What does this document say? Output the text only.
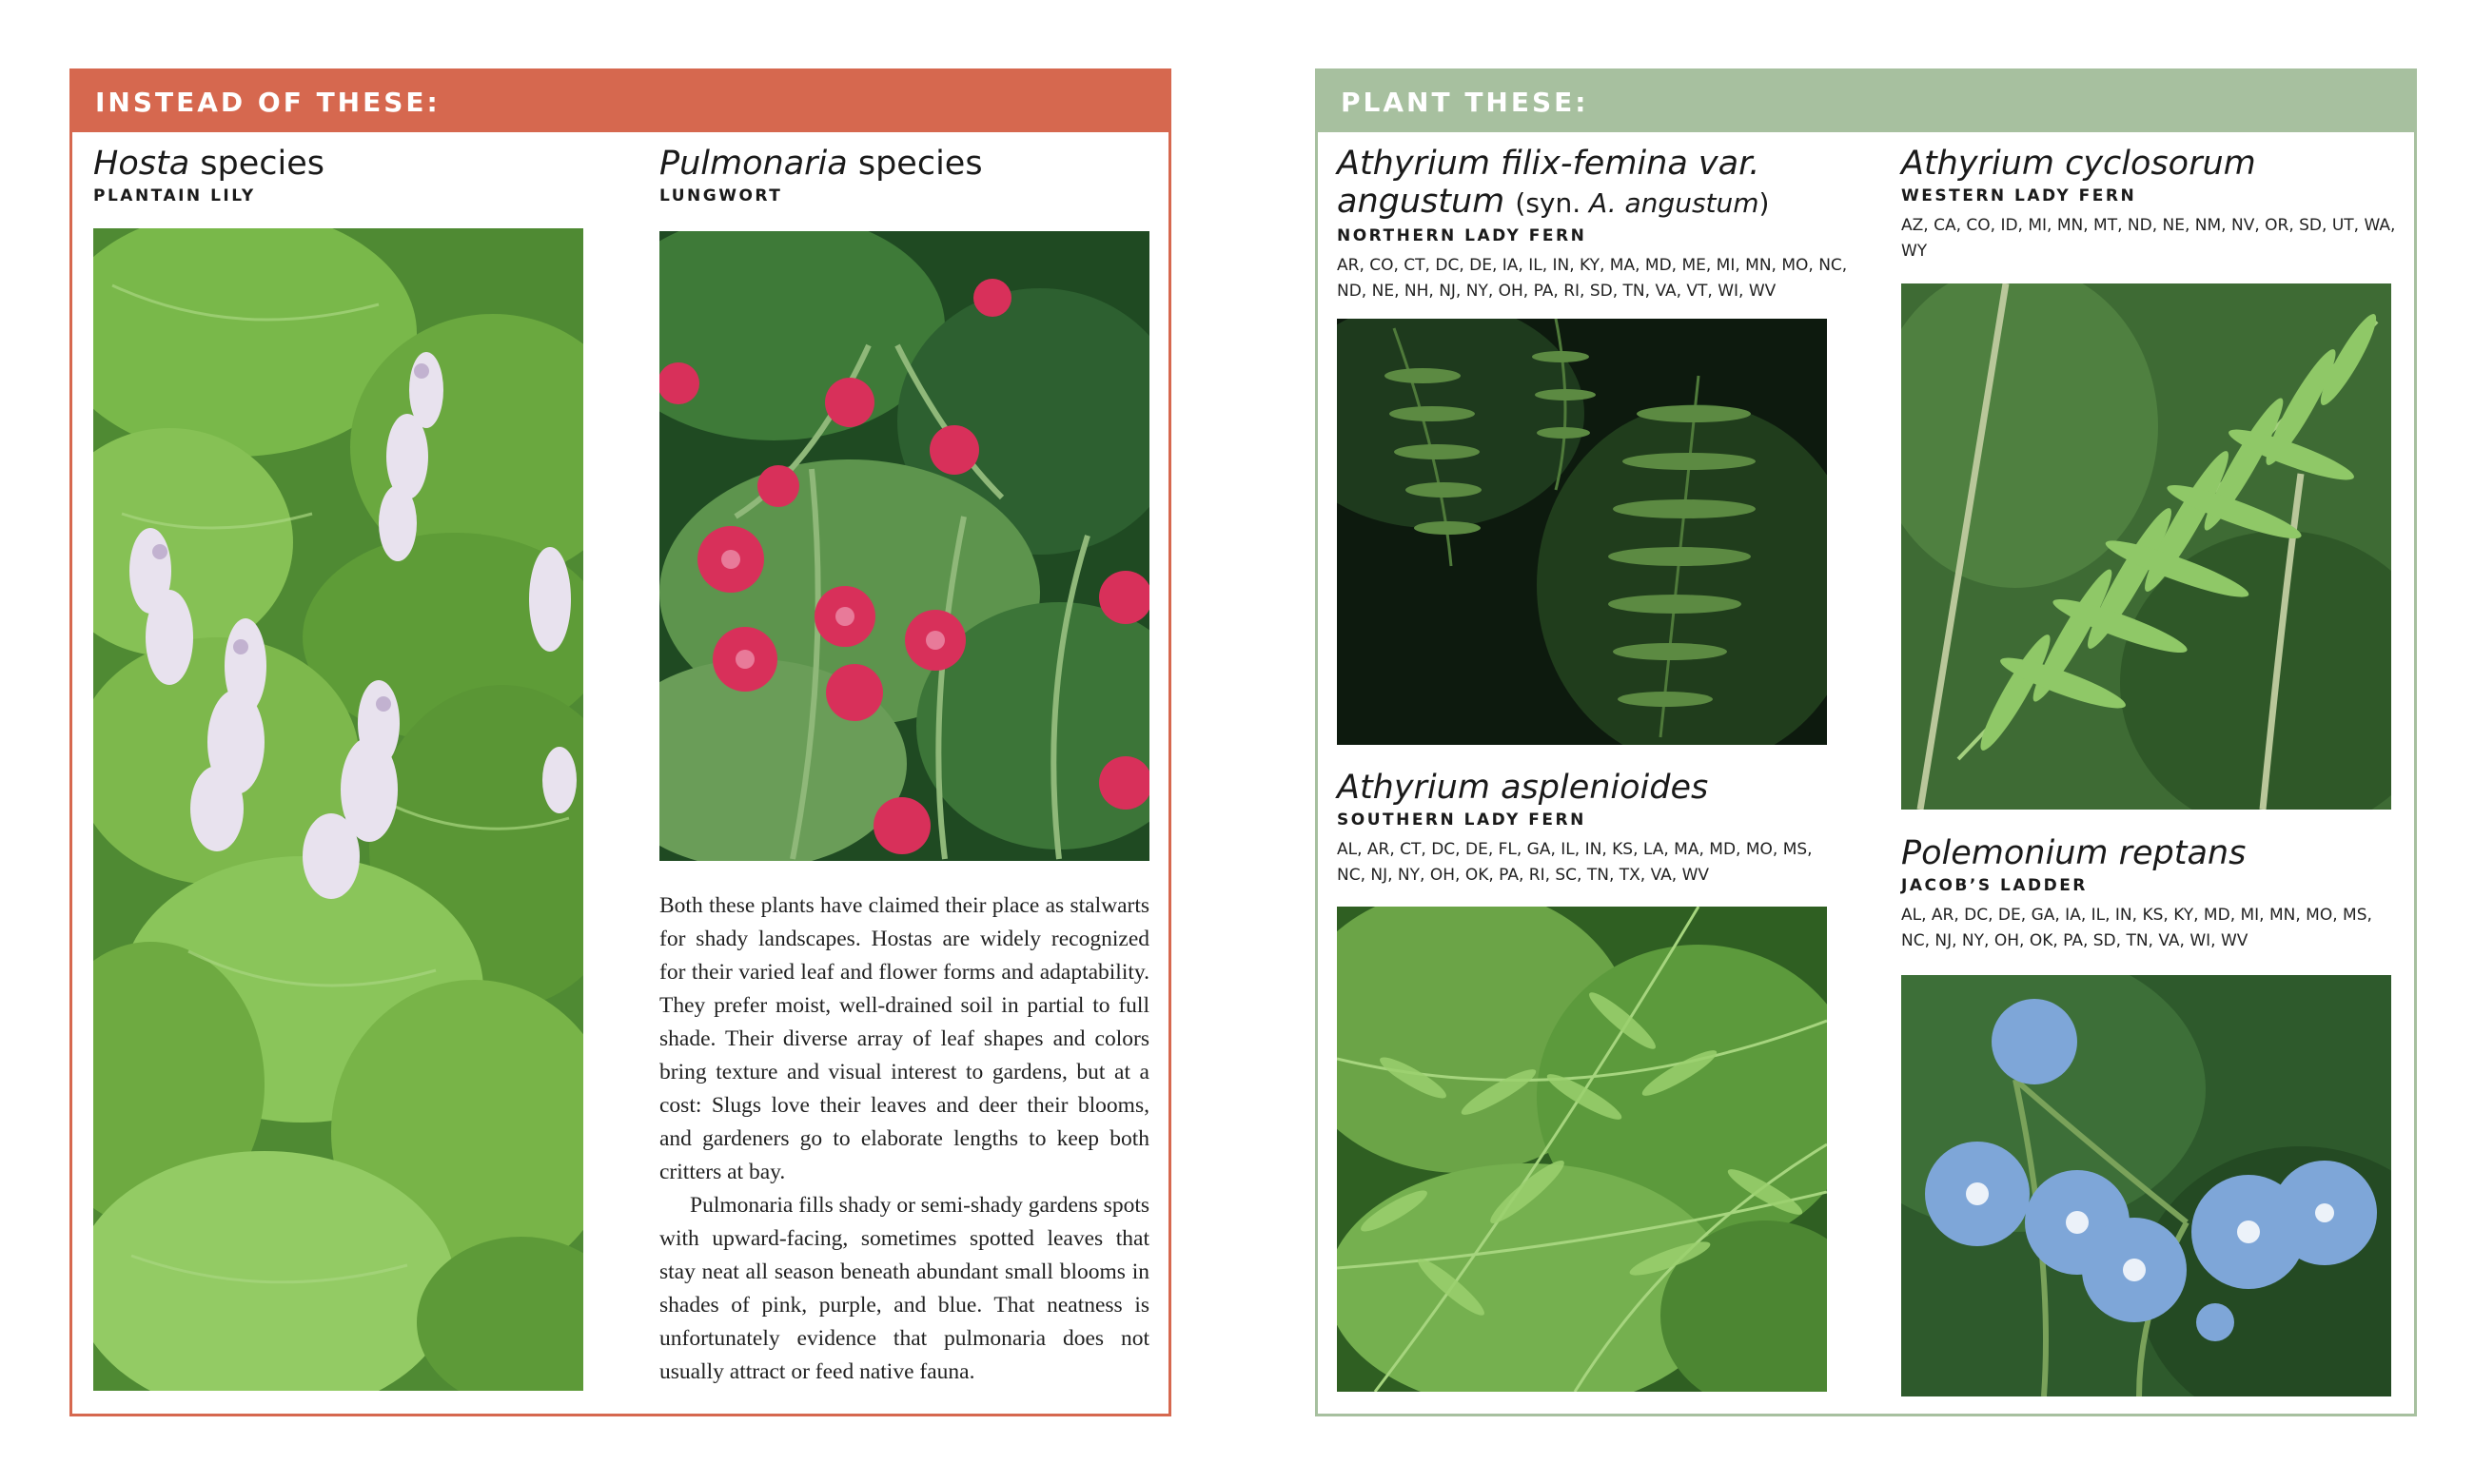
INSTEAD OF THESE:
Hosta species
PLANTAIN LILY
Pulmonaria species
LUNGWORT

Both these plants have claimed their place as stalwarts for shady landscapes. Hostas are widely recognized for their varied leaf and flower forms and adaptability. They prefer moist, well-drained soil in partial to full shade. Their diverse array of leaf shapes and colors bring texture and visual interest to gardens, but at a cost: Slugs love their leaves and deer their blooms, and gardeners go to elaborate lengths to keep both critters at bay.

Pulmonaria fills shady or semi-shady gardens spots with upward-facing, sometimes spotted leaves that stay neat all season beneath abundant small blooms in shades of pink, purple, and blue. That neatness is unfortunately evidence that pulmonaria does not usually attract or feed native fauna.

PLANT THESE:
Athyrium filix-femina var.
angustum (syn. A. angustum)
NORTHERN LADY FERN
AR, CO, CT, DC, DE, IA, IL, IN, KY, MA, MD, ME, MI, MN, MO, NC, ND, NE, NH, NJ, NY, OH, PA, RI, SD, TN, VA, VT, WI, WV
Athyrium cyclosorum
WESTERN LADY FERN
AZ, CA, CO, ID, MI, MN, MT, ND, NE, NM, NV, OR, SD, UT, WA, WY
Athyrium asplenioides
SOUTHERN LADY FERN
AL, AR, CT, DC, DE, FL, GA, IL, IN, KS, LA, MA, MD, MO, MS, NC, NJ, NY, OH, OK, PA, RI, SC, TN, TX, VA, WV
Polemonium reptans
JACOB’S LADDER
AL, AR, DC, DE, GA, IA, IL, IN, KS, KY, MD, MI, MN, MO, MS, NC, NJ, NY, OH, OK, PA, SD, TN, VA, WI, WV
